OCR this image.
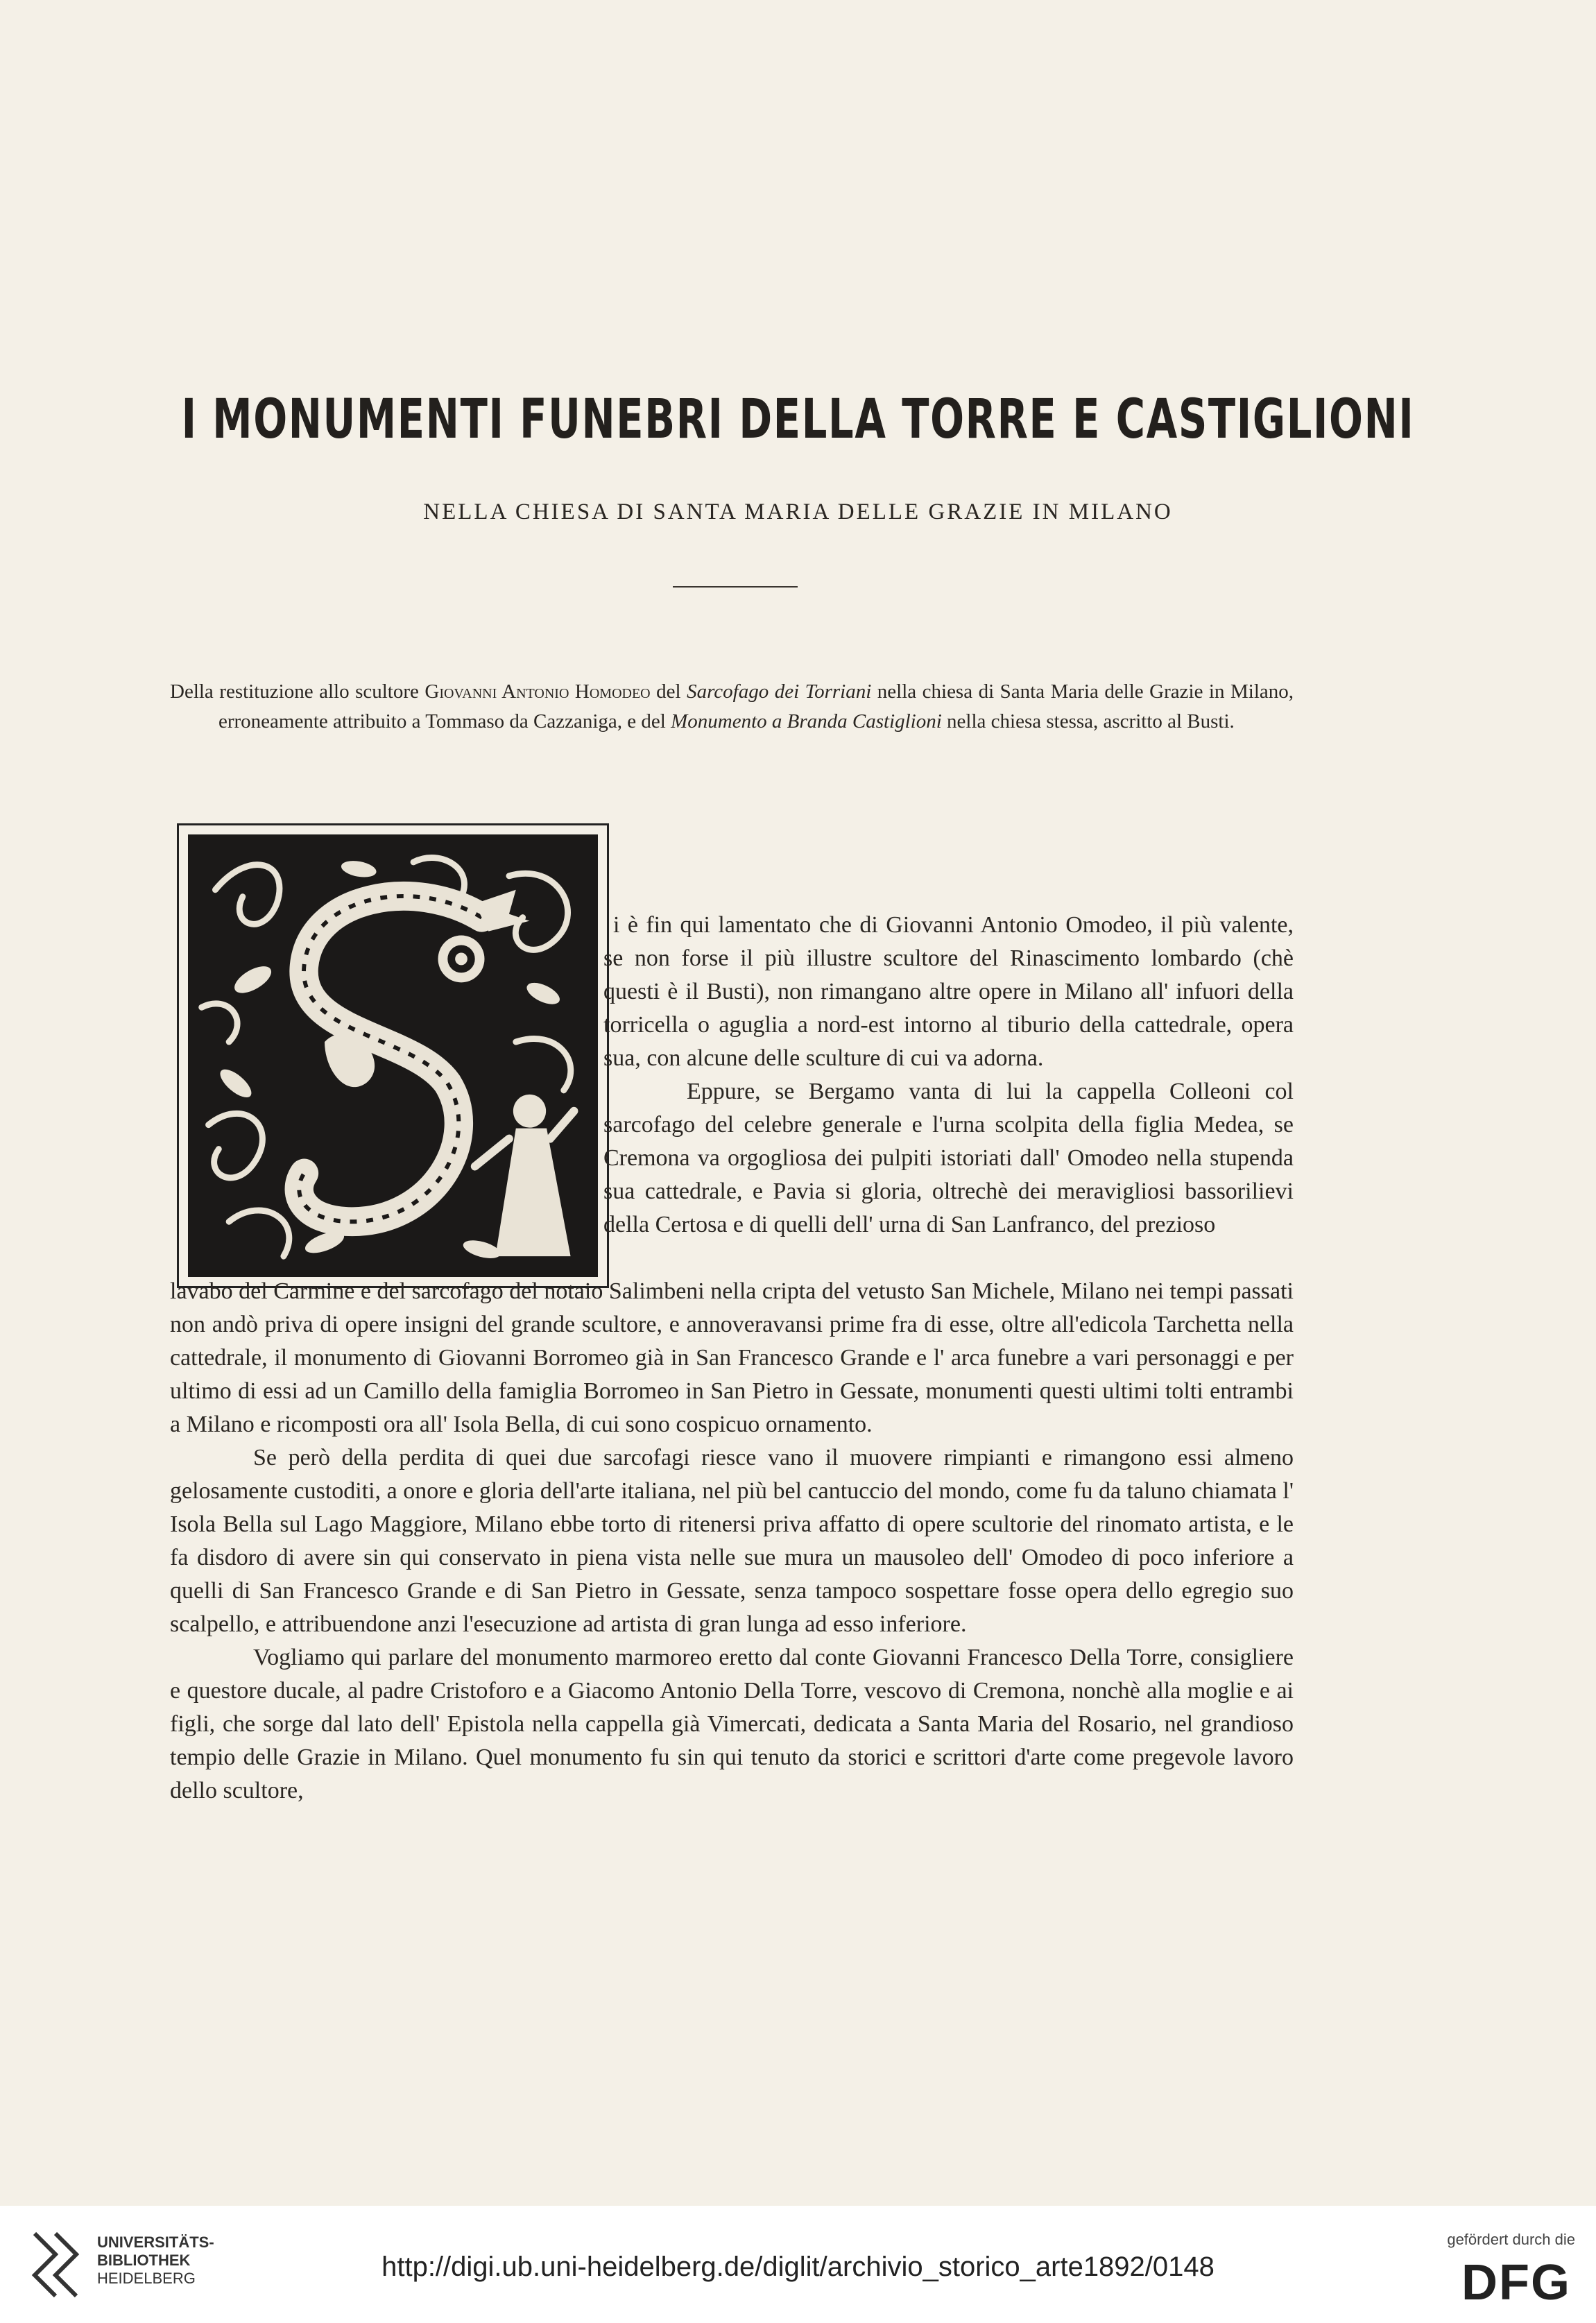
I MONUMENTI FUNEBRI DELLA TORRE E CASTIGLIONI
NELLA CHIESA DI SANTA MARIA DELLE GRAZIE IN MILANO

Della restituzione allo scultore Giovanni Antonio Homodeo del Sarcofago dei Torriani nella chiesa di Santa Maria delle Grazie in Milano, erroneamente attribuito a Tommaso da Cazzaniga, e del Monumento a Branda Castiglioni nella chiesa stessa, ascritto al Busti.

i è fin qui lamentato che di Giovanni Antonio Omodeo, il più valente, se non forse il più illustre scultore del Rinascimento lombardo (chè questi è il Busti), non rimangano altre opere in Milano all' infuori della torricella o aguglia a nord-est intorno al tiburio della cattedrale, opera sua, con alcune delle sculture di cui va adorna.

Eppure, se Bergamo vanta di lui la cappella Colleoni col sarcofago del celebre generale e l'urna scolpita della figlia Medea, se Cremona va orgogliosa dei pulpiti istoriati dall' Omodeo nella stupenda sua cattedrale, e Pavia si gloria, oltrechè dei meravigliosi bassorilievi della Certosa e di quelli dell' urna di San Lanfranco, del prezioso

lavabo del Carmine e del sarcofago del notaio Salimbeni nella cripta del vetusto San Michele, Milano nei tempi passati non andò priva di opere insigni del grande scultore, e annoveravansi prime fra di esse, oltre all'edicola Tarchetta nella cattedrale, il monumento di Giovanni Borromeo già in San Francesco Grande e l' arca funebre a vari personaggi e per ultimo di essi ad un Camillo della famiglia Borromeo in San Pietro in Gessate, monumenti questi ultimi tolti entrambi a Milano e ricomposti ora all' Isola Bella, di cui sono cospicuo ornamento.

Se però della perdita di quei due sarcofagi riesce vano il muovere rimpianti e rimangono essi almeno gelosamente custoditi, a onore e gloria dell'arte italiana, nel più bel cantuccio del mondo, come fu da taluno chiamata l' Isola Bella sul Lago Maggiore, Milano ebbe torto di ritenersi priva affatto di opere scultorie del rinomato artista, e le fa disdoro di avere sin qui conservato in piena vista nelle sue mura un mausoleo dell' Omodeo di poco inferiore a quelli di San Francesco Grande e di San Pietro in Gessate, senza tampoco sospettare fosse opera dello egregio suo scalpello, e attribuendone anzi l'esecuzione ad artista di gran lunga ad esso inferiore.

Vogliamo qui parlare del monumento marmoreo eretto dal conte Giovanni Francesco Della Torre, consigliere e questore ducale, al padre Cristoforo e a Giacomo Antonio Della Torre, vescovo di Cremona, nonchè alla moglie e ai figli, che sorge dal lato dell' Epistola nella cappella già Vimercati, dedicata a Santa Maria del Rosario, nel grandioso tempio delle Grazie in Milano. Quel monumento fu sin qui tenuto da storici e scrittori d'arte come pregevole lavoro dello scultore,

UNIVERSITÄTS-
BIBLIOTHEK
HEIDELBERG	http://digi.ub.uni-heidelberg.de/diglit/archivio_storico_arte1892/0148
gefördert durch die
DFG
